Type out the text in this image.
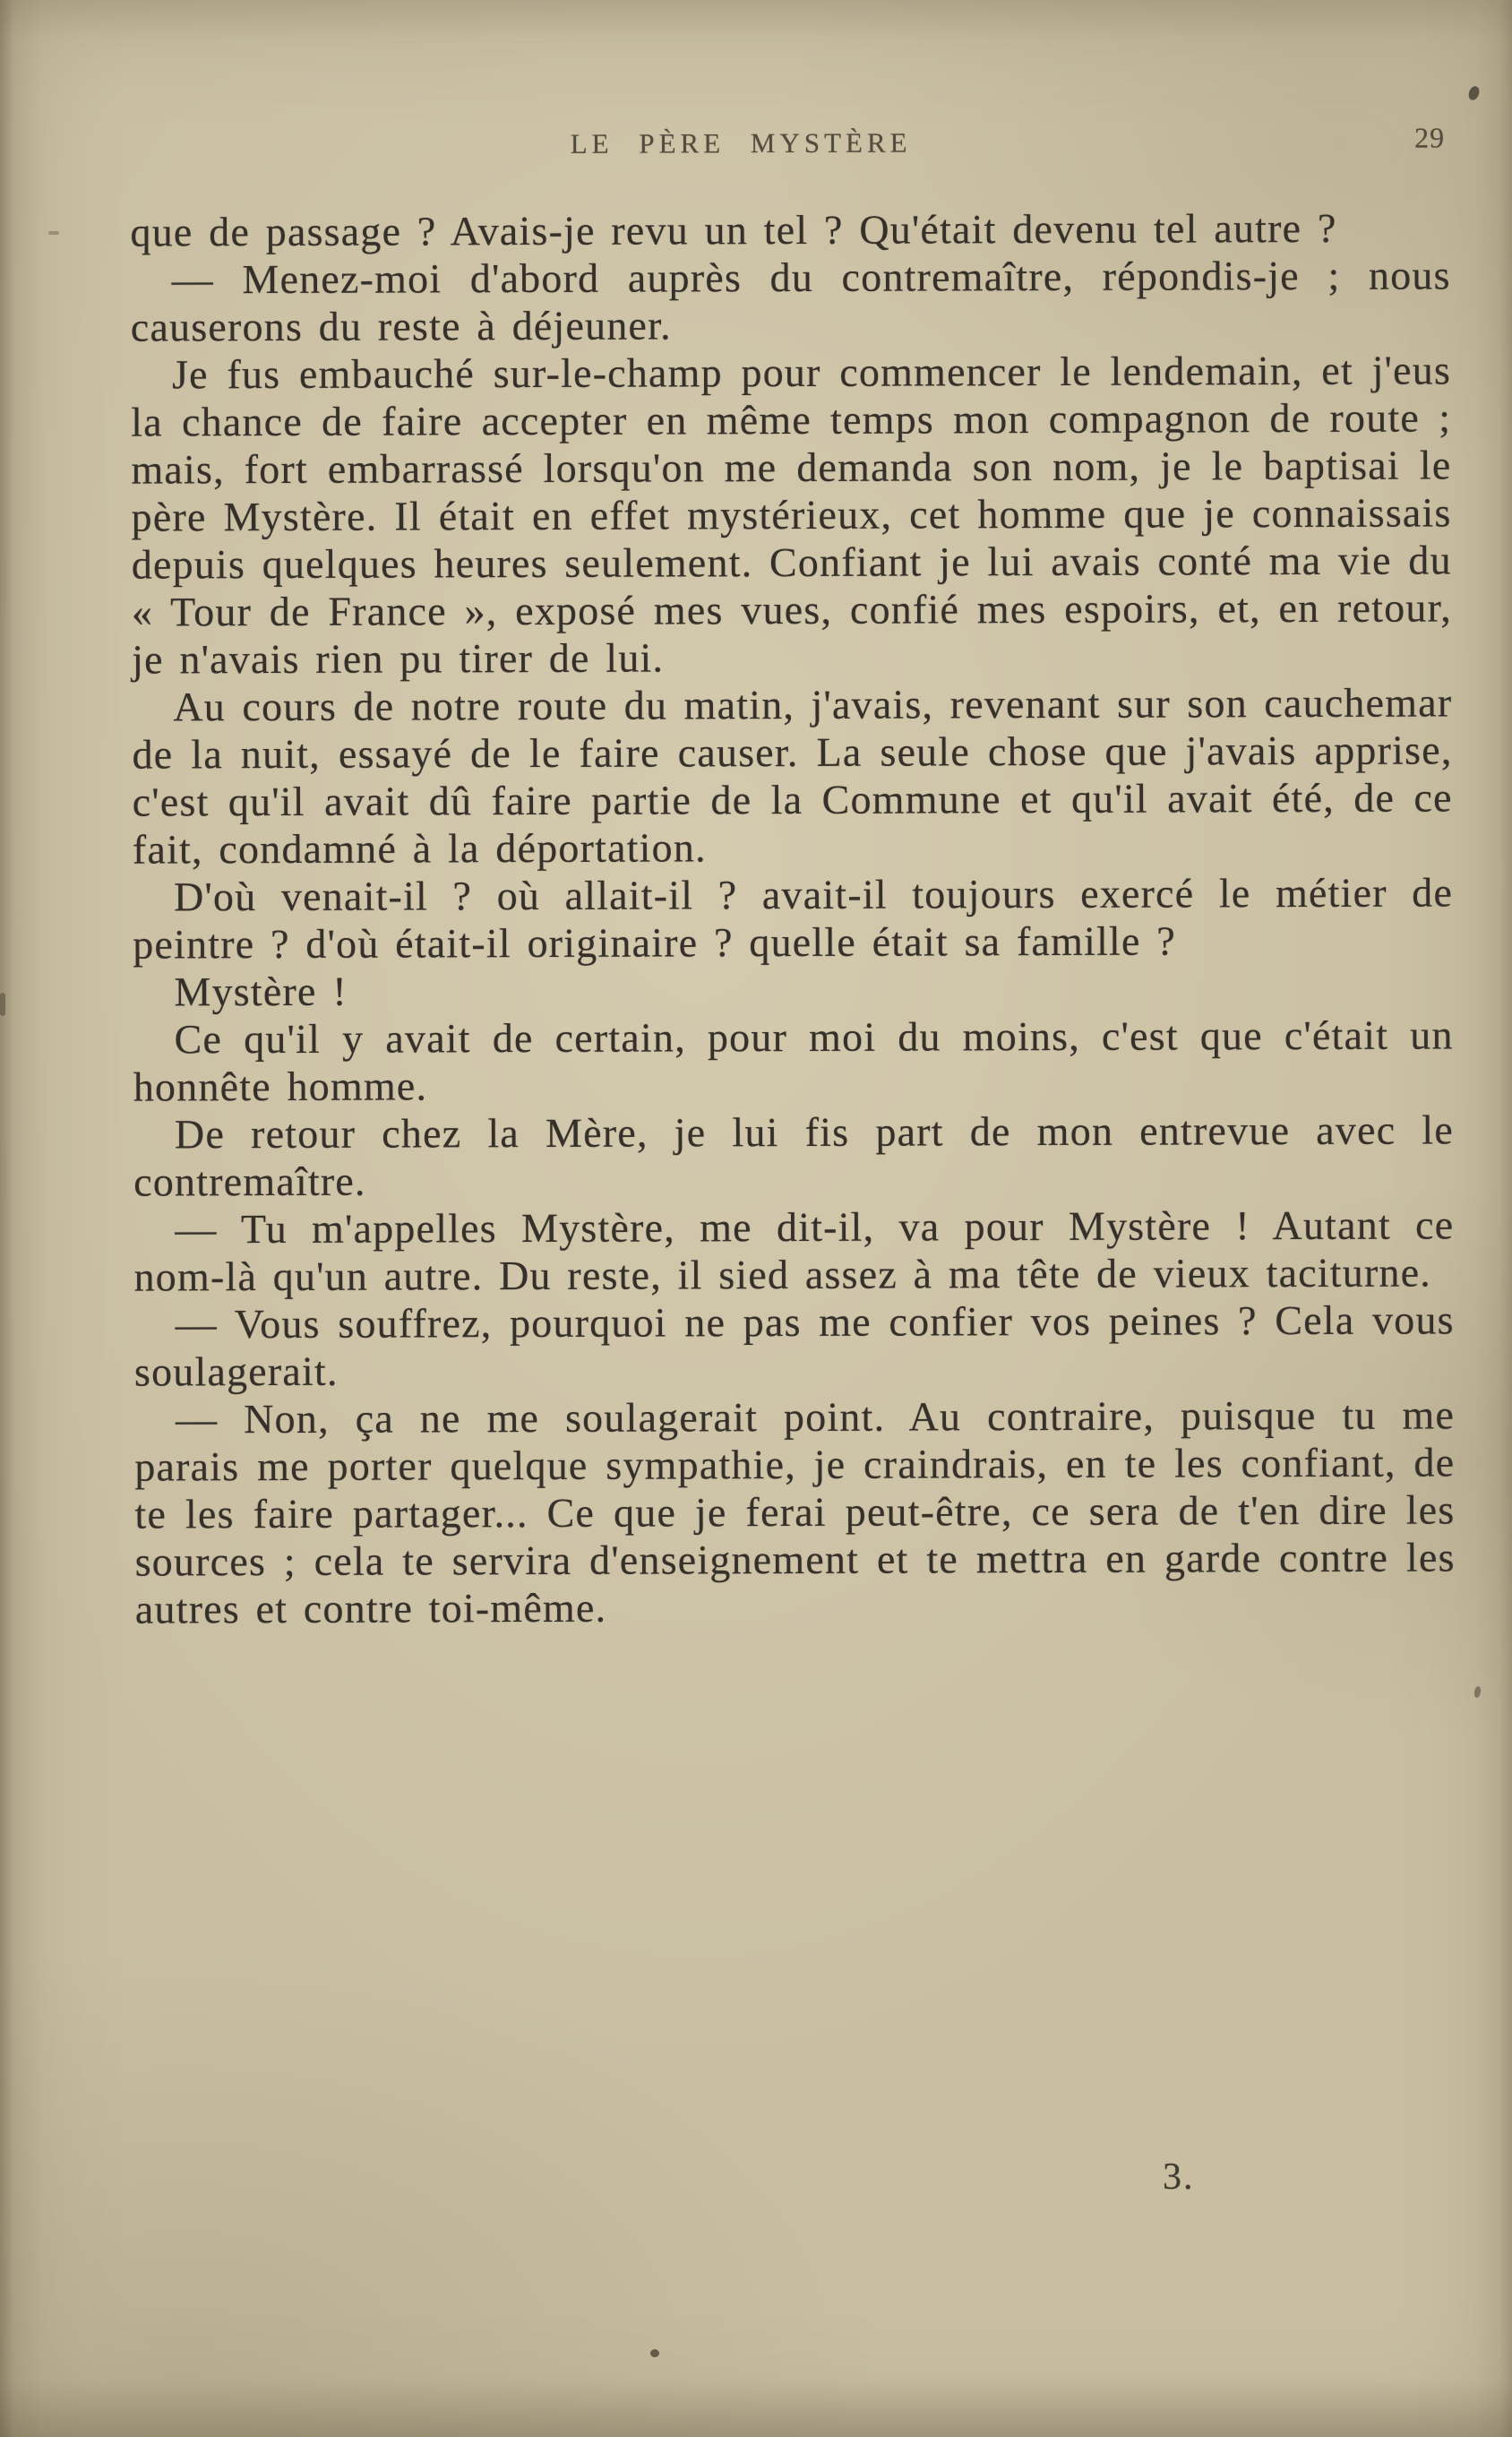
LE PÈRE MYSTÈRE	29

que de passage ? Avais-je revu un tel ? Qu'était devenu tel autre ?

— Menez-moi d'abord auprès du contremaître, répondis-je ; nous causerons du reste à déjeuner.

Je fus embauché sur-le-champ pour commencer le lendemain, et j'eus la chance de faire accepter en même temps mon compagnon de route ; mais, fort embarrassé lorsqu'on me demanda son nom, je le baptisai le père Mystère. Il était en effet mystérieux, cet homme que je connaissais depuis quelques heures seulement. Confiant je lui avais conté ma vie du « Tour de France », exposé mes vues, confié mes espoirs, et, en retour, je n'avais rien pu tirer de lui.

Au cours de notre route du matin, j'avais, revenant sur son cauchemar de la nuit, essayé de le faire causer. La seule chose que j'avais apprise, c'est qu'il avait dû faire partie de la Commune et qu'il avait été, de ce fait, condamné à la déportation.

D'où venait-il ? où allait-il ? avait-il toujours exercé le métier de peintre ? d'où était-il originaire ? quelle était sa famille ?

Mystère !

Ce qu'il y avait de certain, pour moi du moins, c'est que c'était un honnête homme.

De retour chez la Mère, je lui fis part de mon entrevue avec le contremaître.

— Tu m'appelles Mystère, me dit-il, va pour Mystère ! Autant ce nom-là qu'un autre. Du reste, il sied assez à ma tête de vieux taciturne.

— Vous souffrez, pourquoi ne pas me confier vos peines ? Cela vous soulagerait.

— Non, ça ne me soulagerait point. Au contraire, puisque tu me parais me porter quelque sympathie, je craindrais, en te les confiant, de te les faire partager... Ce que je ferai peut-être, ce sera de t'en dire les sources ; cela te servira d'enseignement et te mettra en garde contre les autres et contre toi-même.

3.
